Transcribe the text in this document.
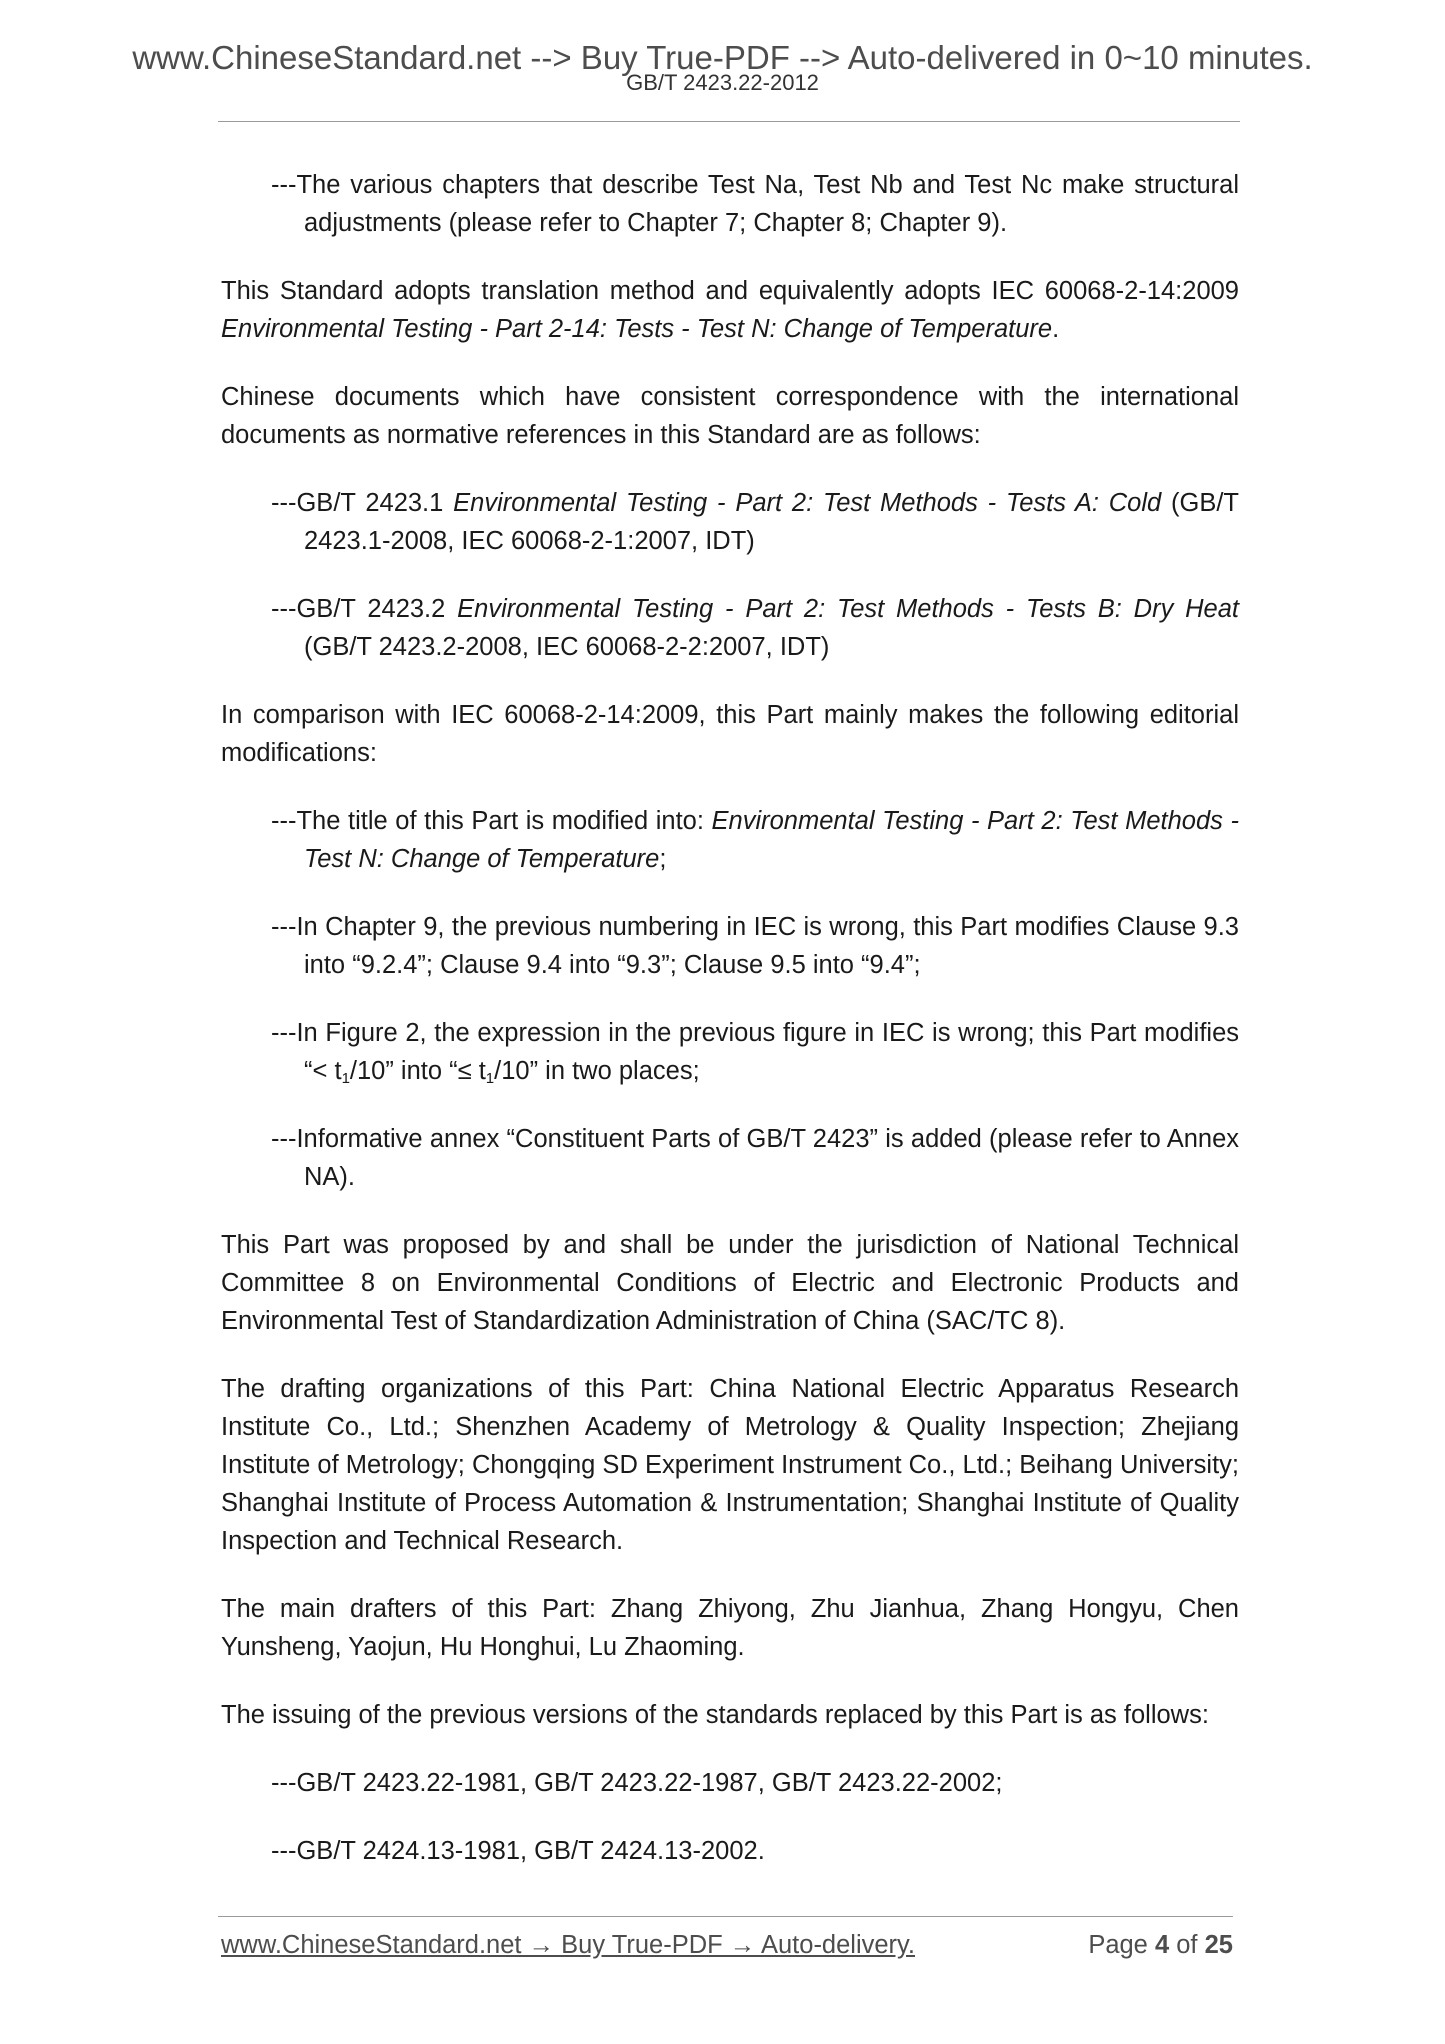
www.ChineseStandard.net --> Buy True-PDF --> Auto-delivered in 0~10 minutes.
GB/T 2423.22-2012

---The various chapters that describe Test Na, Test Nb and Test Nc make structural adjustments (please refer to Chapter 7; Chapter 8; Chapter 9).

This Standard adopts translation method and equivalently adopts IEC 60068-2-14:2009 Environmental Testing - Part 2-14: Tests - Test N: Change of Temperature.

Chinese documents which have consistent correspondence with the international documents as normative references in this Standard are as follows:

---GB/T 2423.1 Environmental Testing - Part 2: Test Methods - Tests A: Cold (GB/T 2423.1-2008, IEC 60068-2-1:2007, IDT)

---GB/T 2423.2 Environmental Testing - Part 2: Test Methods - Tests B: Dry Heat (GB/T 2423.2-2008, IEC 60068-2-2:2007, IDT)

In comparison with IEC 60068-2-14:2009, this Part mainly makes the following editorial modifications:

---The title of this Part is modified into: Environmental Testing - Part 2: Test Methods - Test N: Change of Temperature;

---In Chapter 9, the previous numbering in IEC is wrong, this Part modifies Clause 9.3 into “9.2.4”; Clause 9.4 into “9.3”; Clause 9.5 into “9.4”;

---In Figure 2, the expression in the previous figure in IEC is wrong; this Part modifies “< $t_1/10$” into “≤ $t_1/10$” in two places;

---Informative annex “Constituent Parts of GB/T 2423” is added (please refer to Annex NA).

This Part was proposed by and shall be under the jurisdiction of National Technical Committee 8 on Environmental Conditions of Electric and Electronic Products and Environmental Test of Standardization Administration of China (SAC/TC 8).

The drafting organizations of this Part: China National Electric Apparatus Research Institute Co., Ltd.; Shenzhen Academy of Metrology & Quality Inspection; Zhejiang Institute of Metrology; Chongqing SD Experiment Instrument Co., Ltd.; Beihang University; Shanghai Institute of Process Automation & Instrumentation; Shanghai Institute of Quality Inspection and Technical Research.

The main drafters of this Part: Zhang Zhiyong, Zhu Jianhua, Zhang Hongyu, Chen Yunsheng, Yaojun, Hu Honghui, Lu Zhaoming.

The issuing of the previous versions of the standards replaced by this Part is as follows:

---GB/T 2423.22-1981, GB/T 2423.22-1987, GB/T 2423.22-2002;

---GB/T 2424.13-1981, GB/T 2424.13-2002.

www.ChineseStandard.net → Buy True-PDF → Auto-delivery.	Page 4 of 25
